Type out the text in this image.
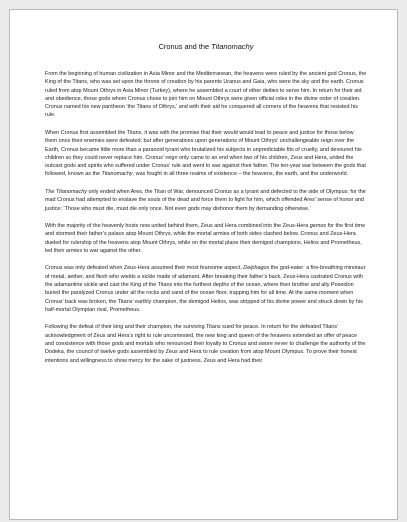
Cronus and the Titanomachy

From the beginning of human civilization in Asia Minor and the Mediterranean, the heavens were ruled by the ancient god Cronus, the King of the Titans, who was set upon the throne of creation by his parents Uranus and Gaia, who were the sky and the earth. Cronus ruled from atop Mount Othrys in Asia Minor (Turkey), where he assembled a court of other deities to serve him. In return for their aid and obedience, those gods whom Cronus chose to join him on Mount Othrys were given official roles in the divine order of creation. Cronus named his new pantheon ‘the Titans of Othrys,’ and with their aid he conquered all corners of the heavens that resisted his rule.

When Cronus first assembled the Titans, it was with the promise that their would would lead to peace and justice for those below them once their enemies were defeated; but after generations upon generations of Mount Othrys’ unchallengeable reign over the Earth, Cronus became little more than a paranoid tyrant who brutalized his subjects in unpredictable fits of cruelty, and devoured his children so they could never replace him. Cronus’ reign only came to an end when two of his children, Zeus and Hera, united the outcast gods and spirits who suffered under Cronus’ rule and went to war against their father. The ten-year war between the gods that followed, known as the Titanomachy, was fought in all three realms of existence – the heavens, the earth, and the underworld.

The Titanomachy only ended when Ares, the Titan of War, denounced Cronus as a tyrant and defected to the side of Olympus; for the mad Cronus had attempted to enslave the souls of the dead and force them to fight for him, which offended Ares’ sense of honor and justice: ‘Those who must die, must die only once. Not even gods may dishonor them by demanding otherwise.’

With the majority of the heavenly hosts now united behind them, Zeus and Hera combined into the Zeus-Hera gemos for the first time and stormed their father’s palace atop Mount Othrys, while the mortal armies of both sides clashed below. Cronus and Zeus-Hera dueled for rulership of the heavens atop Mount Othrys, while on the mortal plane their demigod champions, Helios and Prometheus, led their armies to war against the other.

Cronus was only defeated when Zeus-Hera assumed their most fearsome aspect, Deiphagos the god-eater: a fire-breathing minotaur of metal, aether, and flesh who wields a sickle made of adamant. After breaking their father’s back, Zeus-Hera castrated Cronus with the adamantine sickle and cast the King of the Titans into the furthest depths of the ocean, where their brother and ally Poseidon buried the paralyzed Cronus under all the rocks and sand of the ocean floor, trapping him for all time. At the same moment when Cronus’ back was broken, the Titans’ earthly champion, the demigod Helios, was stripped of his divine power and struck down by his half-mortal Olympian rival, Prometheus.

Following the defeat of their king and their champion, the surviving Titans sued for peace. In return for the defeated Titans’ acknowledgment of Zeus and Hera’s right to rule uncontested, the new king and queen of the heavens extended an offer of peace and coexistence with those gods and mortals who renounced their loyalty to Cronus and swore never to challenge the authority of the Dodeka, the council of twelve gods assembled by Zeus and Hera to rule creation from atop Mount Olympus. To prove their honest intentions and willingness to show mercy for the sake of justness, Zeus and Hera had their
